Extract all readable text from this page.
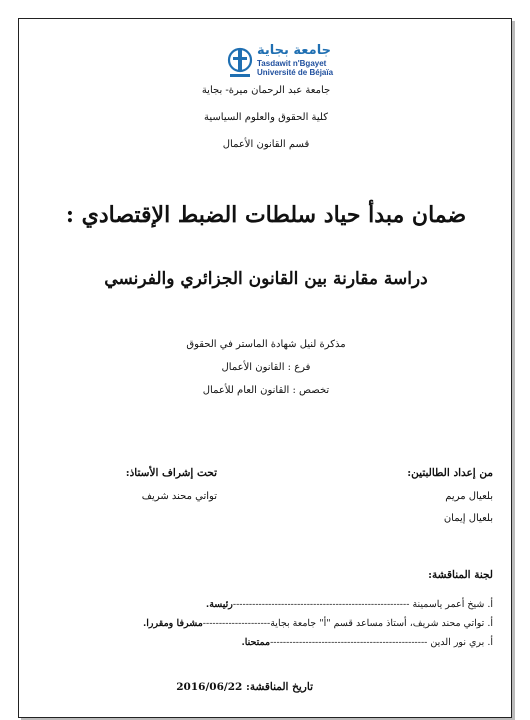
جامعة بجاية
Tasdawit n'Bgayet
Université de Béjaïa
جامعة عبد الرحمان ميرة- بجاية
كلية الحقوق والعلوم السياسية
قسم القانون الأعمال
ضمان مبدأ حياد سلطات الضبط الإقتصادي :
دراسة مقارنة بين القانون الجزائري والفرنسي
مذكرة لنيل شهادة الماستر في الحقوق
فرع : القانون الأعمال
تخصص : القانون العام للأعمال
من إعداد الطالبتين:
تحت إشراف الأستاذ:
بلعيال مريم
تواتي محند شريف
بلعيال إيمان
لجنة المناقشة:
أ. شيخ أعمر ياسمينة -------------------------------------------------------رئيسة.
أ. تواتي محند شريف، أستاذ مساعد قسم "أ" جامعة بجاية---------------------مشرفا ومقررا.
أ. بري نور الدين -------------------------------------------------ممتحنا.
تاريخ المناقشة: 2016/06/22
